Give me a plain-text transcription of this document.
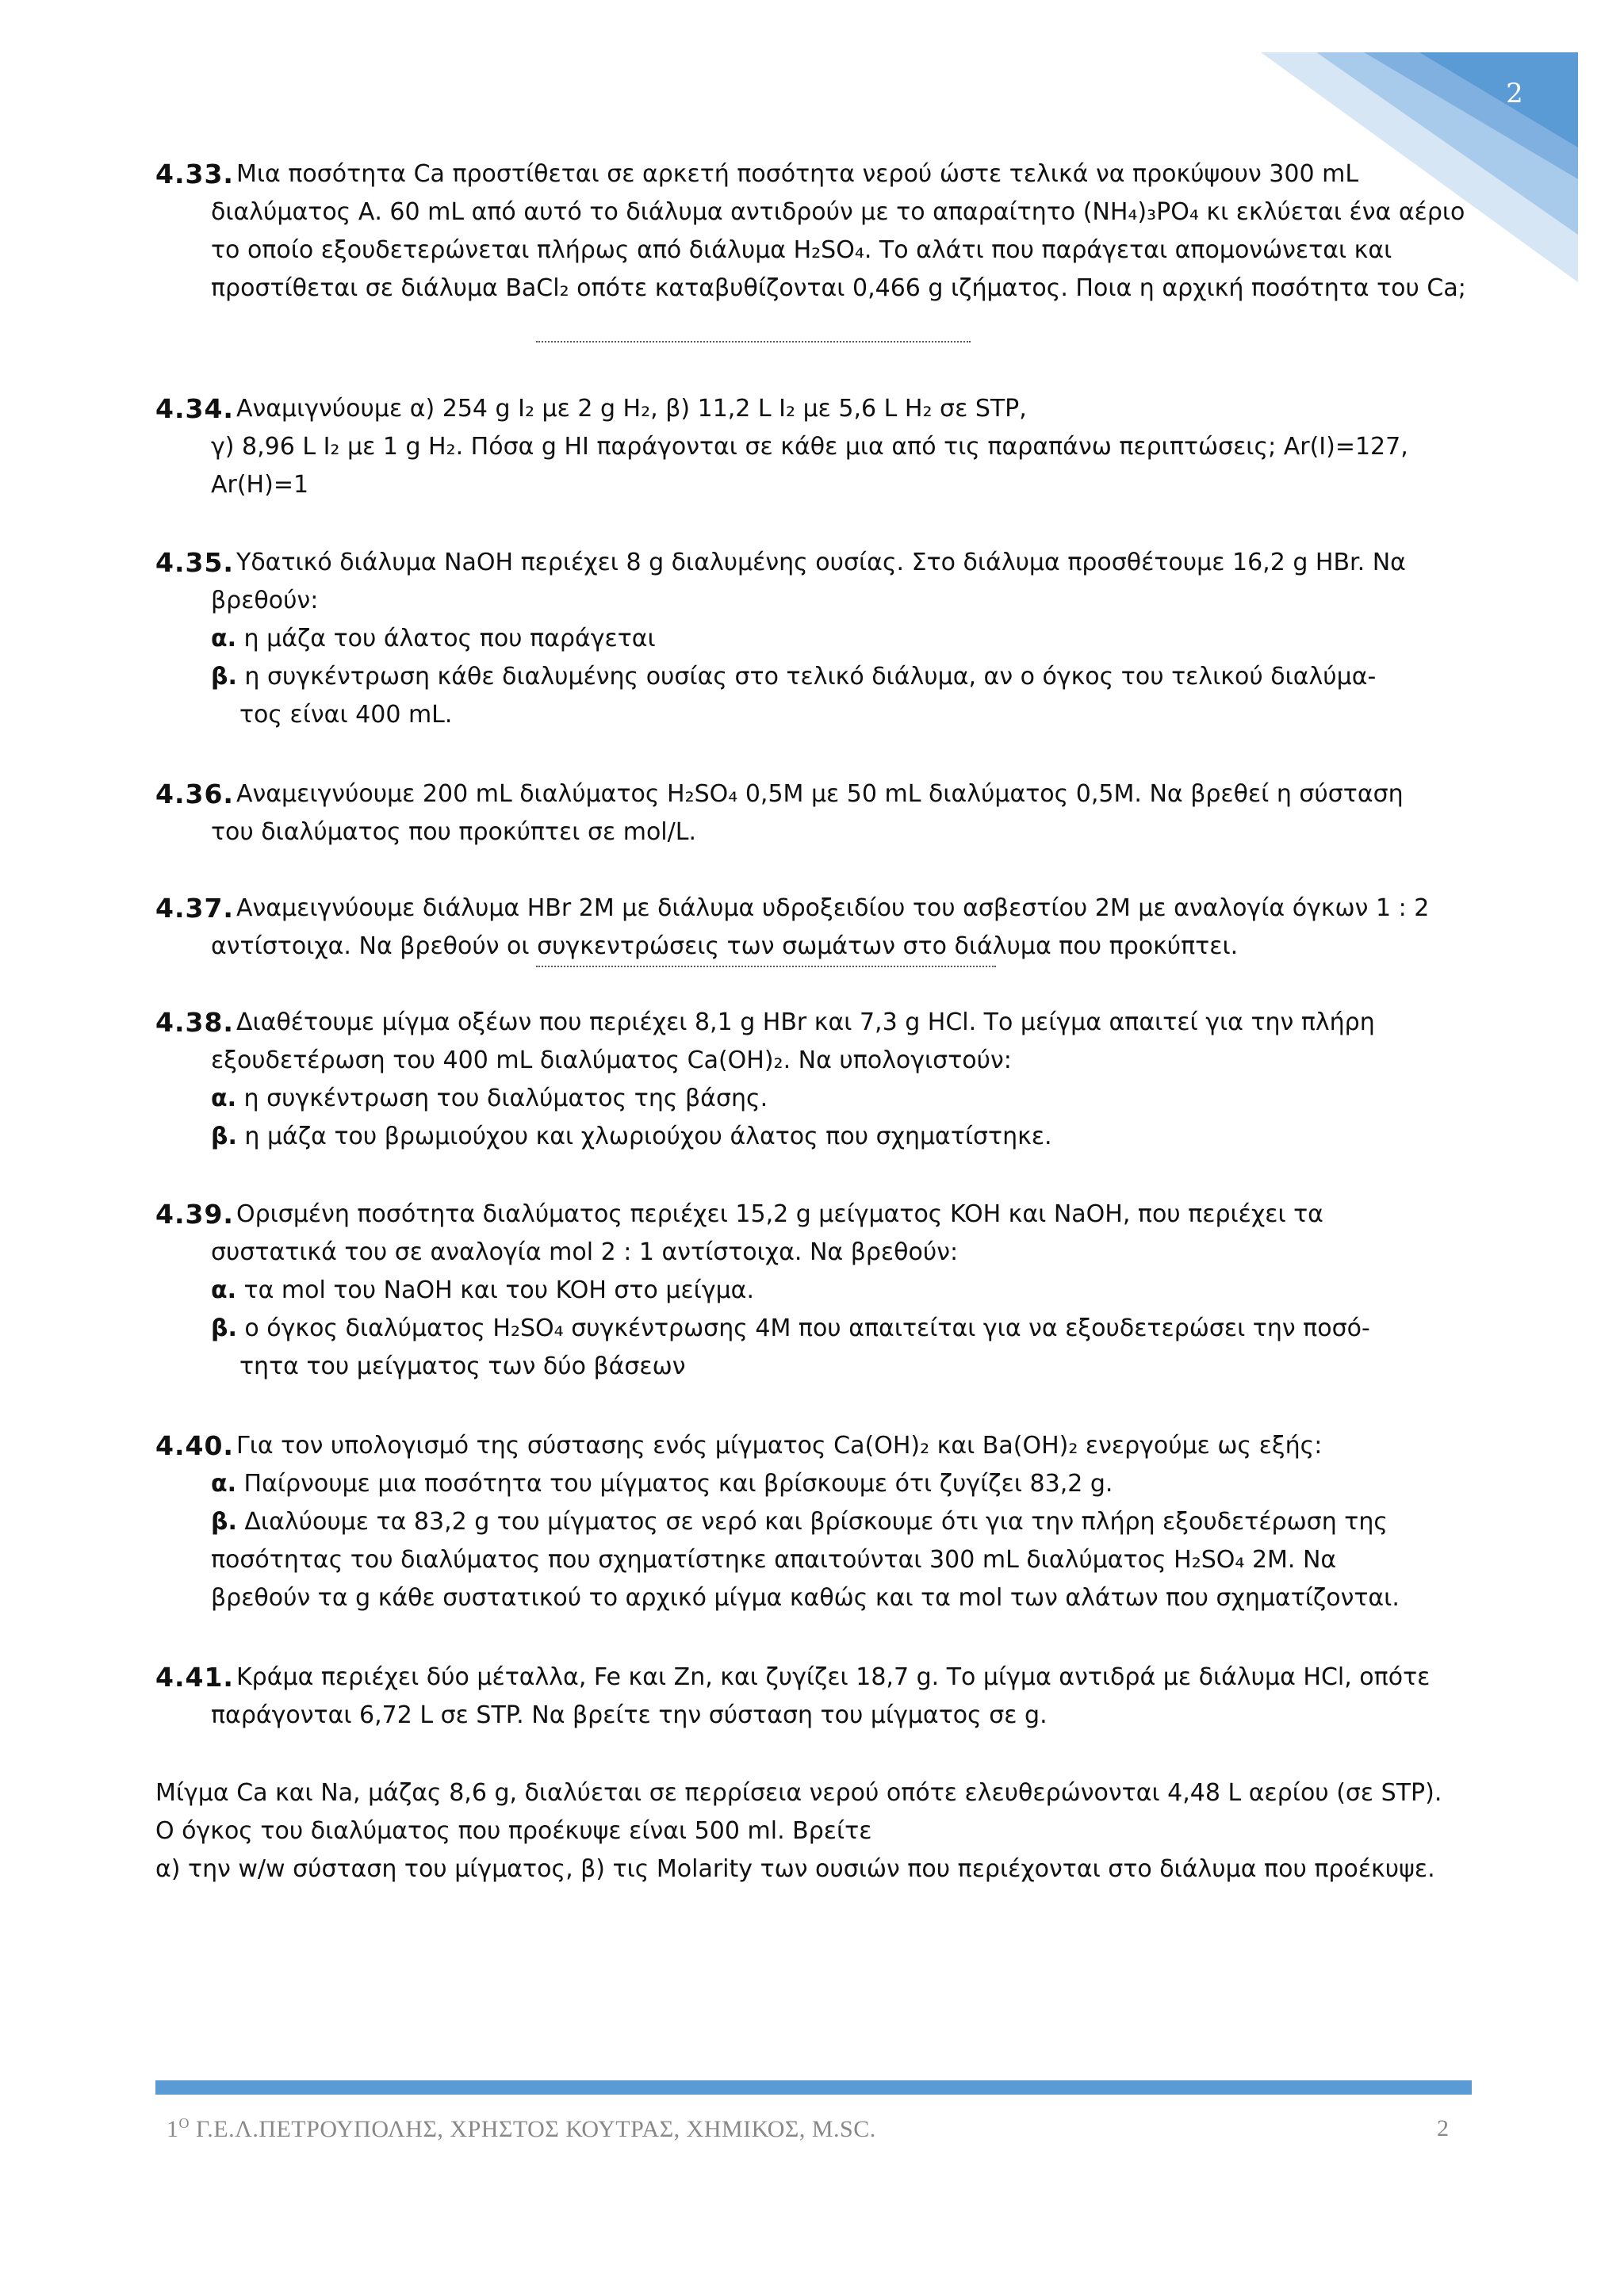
2
4.33. Μια ποσότητα Ca προστίθεται σε αρκετή ποσότητα νερού ώστε τελικά να προκύψουν 300 mL
διαλύματος Α. 60 mL από αυτό το διάλυμα αντιδρούν με το απαραίτητο (NH₄)₃PO₄ κι εκλύεται ένα αέριο
το οποίο εξουδετερώνεται πλήρως από διάλυμα H₂SO₄. Το αλάτι που παράγεται απομονώνεται και
προστίθεται σε διάλυμα BaCl₂ οπότε καταβυθίζονται 0,466 g ιζήματος. Ποια η αρχική ποσότητα του Ca;
4.34. Αναμιγνύουμε α) 254 g I₂ με 2 g H₂, β) 11,2 L I₂ με 5,6 L H₂ σε STP,
γ) 8,96 L I₂ με 1 g H₂. Πόσα g HI παράγονται σε κάθε μια από τις παραπάνω περιπτώσεις; Ar(I)=127,
Ar(H)=1
4.35. Υδατικό διάλυμα NaOH περιέχει 8 g διαλυμένης ουσίας. Στο διάλυμα προσθέτουμε 16,2 g HBr. Να
βρεθούν:
α. η μάζα του άλατος που παράγεται
β. η συγκέντρωση κάθε διαλυμένης ουσίας στο τελικό διάλυμα, αν ο όγκος του τελικού διαλύμα-
τος είναι 400 mL.
4.36. Αναμειγνύουμε 200 mL διαλύματος H₂SO₄ 0,5M με 50 mL διαλύματος 0,5M. Να βρεθεί η σύσταση
του διαλύματος που προκύπτει σε mol/L.
4.37. Αναμειγνύουμε διάλυμα HBr 2M με διάλυμα υδροξειδίου του ασβεστίου 2M με αναλογία όγκων 1 : 2
αντίστοιχα. Να βρεθούν οι συγκεντρώσεις των σωμάτων στο διάλυμα που προκύπτει.
4.38. Διαθέτουμε μίγμα οξέων που περιέχει 8,1 g HBr και 7,3 g HCl. Το μείγμα απαιτεί για την πλήρη
εξουδετέρωση του 400 mL διαλύματος Ca(OH)₂. Να υπολογιστούν:
α. η συγκέντρωση του διαλύματος της βάσης.
β. η μάζα του βρωμιούχου και χλωριούχου άλατος που σχηματίστηκε.
4.39. Ορισμένη ποσότητα διαλύματος περιέχει 15,2 g μείγματος KOH και NaOH, που περιέχει τα
συστατικά του σε αναλογία mol 2 : 1 αντίστοιχα. Να βρεθούν:
α. τα mol του NaOH και του KOH στο μείγμα.
β. ο όγκος διαλύματος H₂SO₄ συγκέντρωσης 4M που απαιτείται για να εξουδετερώσει την ποσό-
τητα του μείγματος των δύο βάσεων
4.40. Για τον υπολογισμό της σύστασης ενός μίγματος Ca(OH)₂ και Ba(OH)₂ ενεργούμε ως εξής:
α. Παίρνουμε μια ποσότητα του μίγματος και βρίσκουμε ότι ζυγίζει 83,2 g.
β. Διαλύουμε τα 83,2 g του μίγματος σε νερό και βρίσκουμε ότι για την πλήρη εξουδετέρωση της
ποσότητας του διαλύματος που σχηματίστηκε απαιτούνται 300 mL διαλύματος H₂SO₄ 2M. Να
βρεθούν τα g κάθε συστατικού το αρχικό μίγμα καθώς και τα mol των αλάτων που σχηματίζονται.
4.41. Κράμα περιέχει δύο μέταλλα, Fe και Zn, και ζυγίζει 18,7 g. Το μίγμα αντιδρά με διάλυμα HCl, οπότε
παράγονται 6,72 L σε STP. Να βρείτε την σύσταση του μίγματος σε g.
Μίγμα Ca και Na, μάζας 8,6 g, διαλύεται σε περρίσεια νερού οπότε ελευθερώνονται 4,48 L αερίου (σε STP).
Ο όγκος του διαλύματος που προέκυψε είναι 500 ml. Βρείτε
α) την w/w σύσταση του μίγματος, β) τις Molarity των ουσιών που περιέχονται στο διάλυμα που προέκυψε.
$1^O$ Γ.Ε.Λ.ΠΕΤΡΟΥΠΟΛΗΣ, ΧΡΗΣΤΟΣ ΚΟΥΤΡΑΣ, ΧΗΜΙΚΟΣ, M.SC.	2
